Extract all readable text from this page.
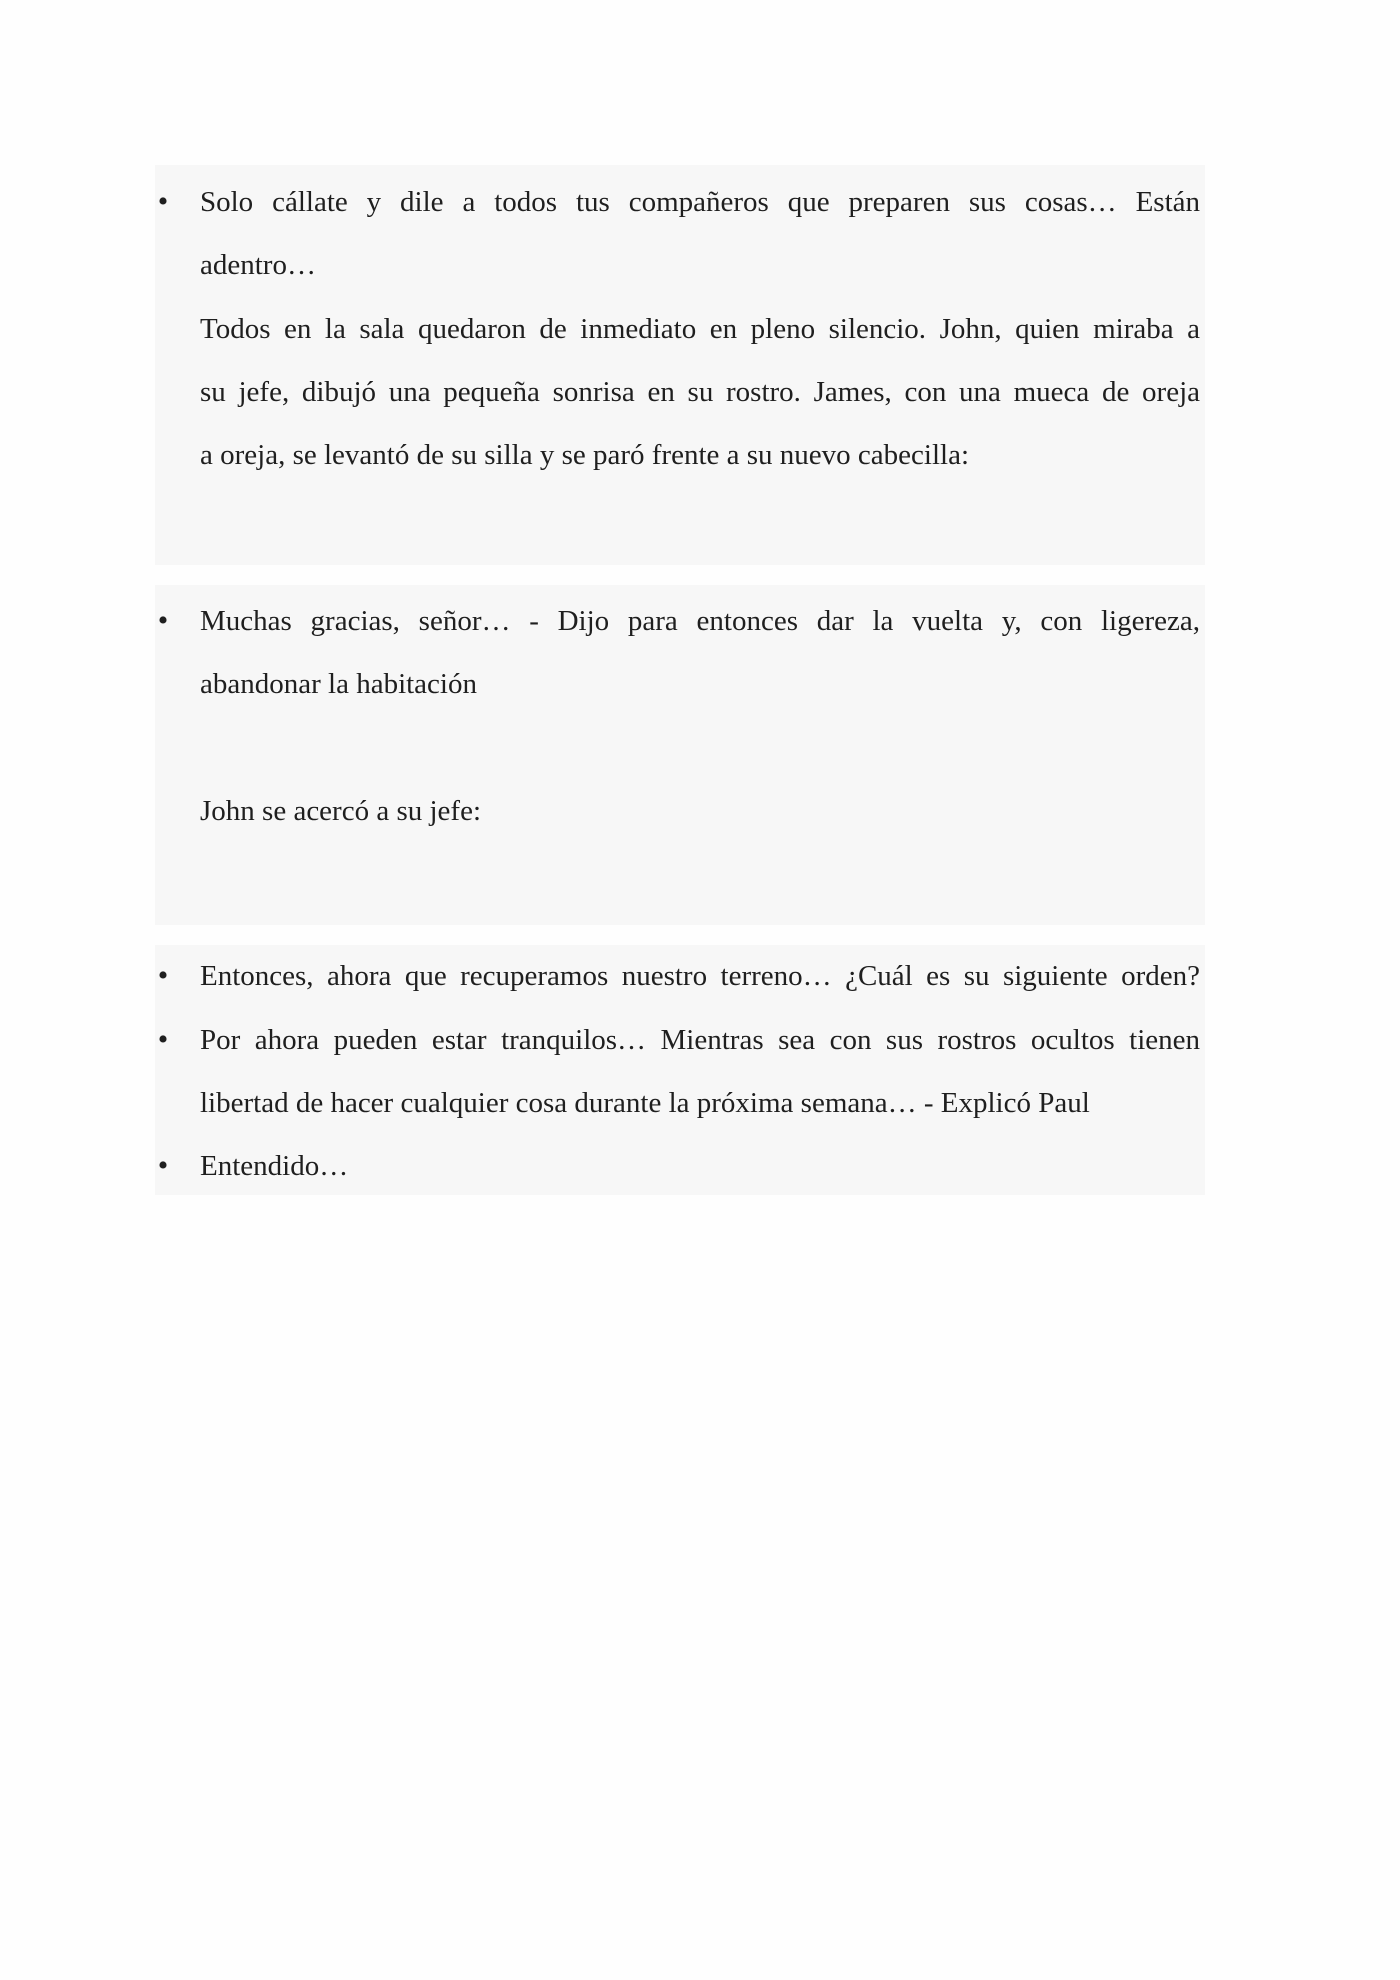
• Solo cállate y dile a todos tus compañeros que preparen sus cosas… Están
adentro…
Todos en la sala quedaron de inmediato en pleno silencio. John, quien miraba a
su jefe, dibujó una pequeña sonrisa en su rostro. James, con una mueca de oreja
a oreja, se levantó de su silla y se paró frente a su nuevo cabecilla:
• Muchas gracias, señor… - Dijo para entonces dar la vuelta y, con ligereza,
abandonar la habitación
John se acercó a su jefe:
• Entonces, ahora que recuperamos nuestro terreno… ¿Cuál es su siguiente orden?
• Por ahora pueden estar tranquilos… Mientras sea con sus rostros ocultos tienen
libertad de hacer cualquier cosa durante la próxima semana… - Explicó Paul
• Entendido…
